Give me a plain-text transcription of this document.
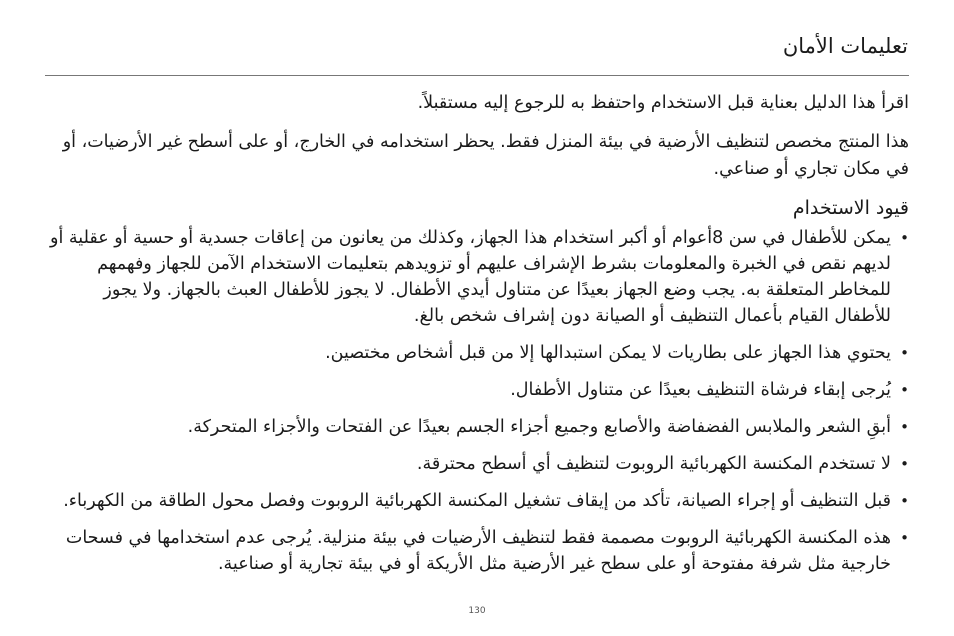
تعليمات الأمان

اقرأ هذا الدليل بعناية قبل الاستخدام واحتفظ به للرجوع إليه مستقبلاً.

هذا المنتج مخصص لتنظيف الأرضية في بيئة المنزل فقط. يحظر استخدامه في الخارج، أو على أسطح غير الأرضيات، أو في مكان تجاري أو صناعي.

قيود الاستخدام
• يمكن للأطفال في سن 8أعوام أو أكبر استخدام هذا الجهاز، وكذلك من يعانون من إعاقات جسدية أو حسية أو عقلية أو لديهم نقص في الخبرة والمعلومات بشرط الإشراف عليهم أو تزويدهم بتعليمات الاستخدام الآمن للجهاز وفهمهم للمخاطر المتعلقة به. يجب وضع الجهاز بعيدًا عن متناول أيدي الأطفال. لا يجوز للأطفال العبث بالجهاز. ولا يجوز للأطفال القيام بأعمال التنظيف أو الصيانة دون إشراف شخص بالغ.
• يحتوي هذا الجهاز على بطاريات لا يمكن استبدالها إلا من قبل أشخاص مختصين.
• يُرجى إبقاء فرشاة التنظيف بعيدًا عن متناول الأطفال.
• أبقِ الشعر والملابس الفضفاضة والأصابع وجميع أجزاء الجسم بعيدًا عن الفتحات والأجزاء المتحركة.
• لا تستخدم المكنسة الكهربائية الروبوت لتنظيف أي أسطح محترقة.
• قبل التنظيف أو إجراء الصيانة، تأكد من إيقاف تشغيل المكنسة الكهربائية الروبوت وفصل محول الطاقة من الكهرباء.
• هذه المكنسة الكهربائية الروبوت مصممة فقط لتنظيف الأرضيات في بيئة منزلية. يُرجى عدم استخدامها في فسحات خارجية مثل شرفة مفتوحة أو على سطح غير الأرضية مثل الأريكة أو في بيئة تجارية أو صناعية.
130
